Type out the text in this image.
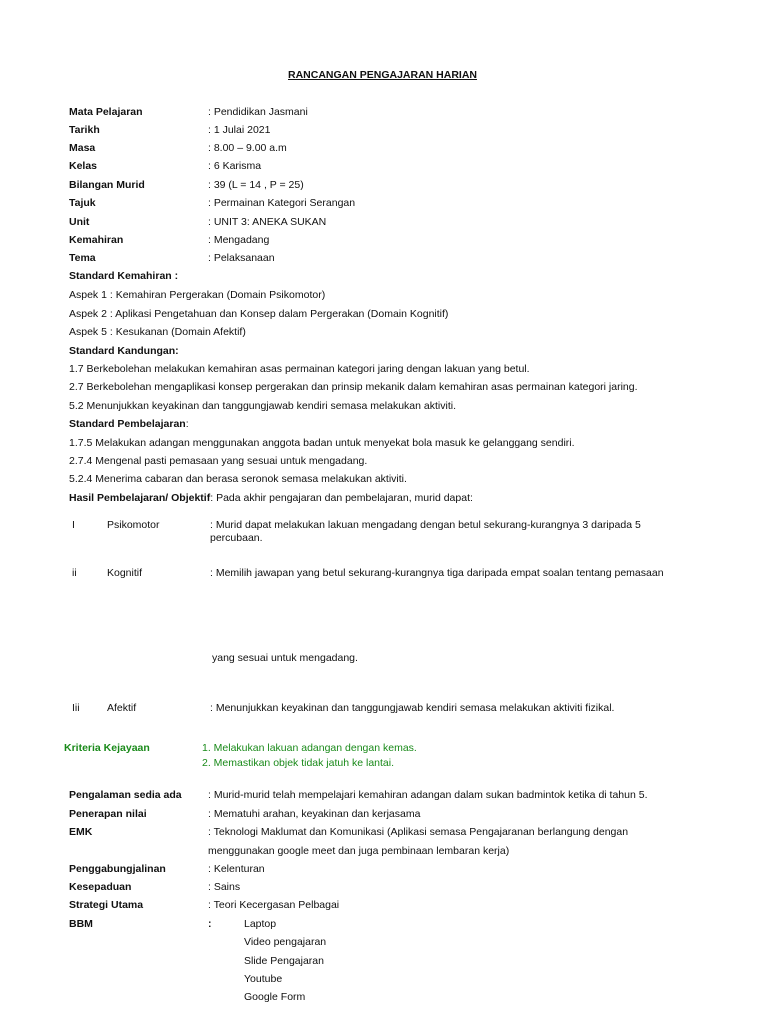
RANCANGAN PENGAJARAN HARIAN
Mata Pelajaran	: Pendidikan Jasmani
Tarikh	: 1 Julai 2021
Masa	: 8.00 – 9.00 a.m
Kelas	: 6 Karisma
Bilangan Murid	: 39 (L = 14 , P = 25)
Tajuk	: Permainan Kategori Serangan
Unit	: UNIT 3: ANEKA SUKAN
Kemahiran	: Mengadang
Tema	: Pelaksanaan
Standard Kemahiran :
Aspek 1 : Kemahiran Pergerakan (Domain Psikomotor)
Aspek 2 : Aplikasi Pengetahuan dan Konsep dalam Pergerakan (Domain Kognitif)
Aspek 5 : Kesukanan (Domain Afektif)
Standard Kandungan:
1.7 Berkebolehan melakukan kemahiran asas permainan kategori jaring dengan lakuan yang betul.
2.7 Berkebolehan mengaplikasi konsep pergerakan dan prinsip mekanik dalam kemahiran asas permainan kategori jaring.
5.2 Menunjukkan keyakinan dan tanggungjawab kendiri semasa melakukan aktiviti.
Standard Pembelajaran:
1.7.5 Melakukan adangan menggunakan anggota badan untuk menyekat bola masuk ke gelanggang sendiri.
2.7.4 Mengenal pasti pemasaan yang sesuai untuk mengadang.
5.2.4 Menerima cabaran dan berasa seronok semasa melakukan aktiviti.
Hasil Pembelajaran/ Objektif: Pada akhir pengajaran dan pembelajaran, murid dapat:
I	Psikomotor	: Murid dapat melakukan lakuan mengadang dengan betul sekurang-kurangnya 3 daripada 5 percubaan.
ii	Kognitif	: Memilih jawapan yang betul sekurang-kurangnya tiga daripada empat soalan tentang pemasaan
yang sesuai untuk mengadang.
Iii	Afektif	: Menunjukkan keyakinan dan tanggungjawab kendiri semasa melakukan aktiviti fizikal.
Kriteria Kejayaan	1. Melakukan lakuan adangan dengan kemas.
2. Memastikan objek tidak jatuh ke lantai.
Pengalaman sedia ada	: Murid-murid telah mempelajari kemahiran adangan dalam sukan badmintok ketika di tahun 5.
Penerapan nilai	: Mematuhi arahan, keyakinan dan kerjasama
EMK	: Teknologi Maklumat dan Komunikasi (Aplikasi semasa Pengajaranan berlangung dengan
menggunakan google meet dan juga pembinaan lembaran kerja)
Penggabungjalinan	: Kelenturan
Kesepaduan	: Sains
Strategi Utama	: Teori Kecergasan Pelbagai
BBM	:	Laptop
Video pengajaran
Slide Pengajaran
Youtube
Google Form
